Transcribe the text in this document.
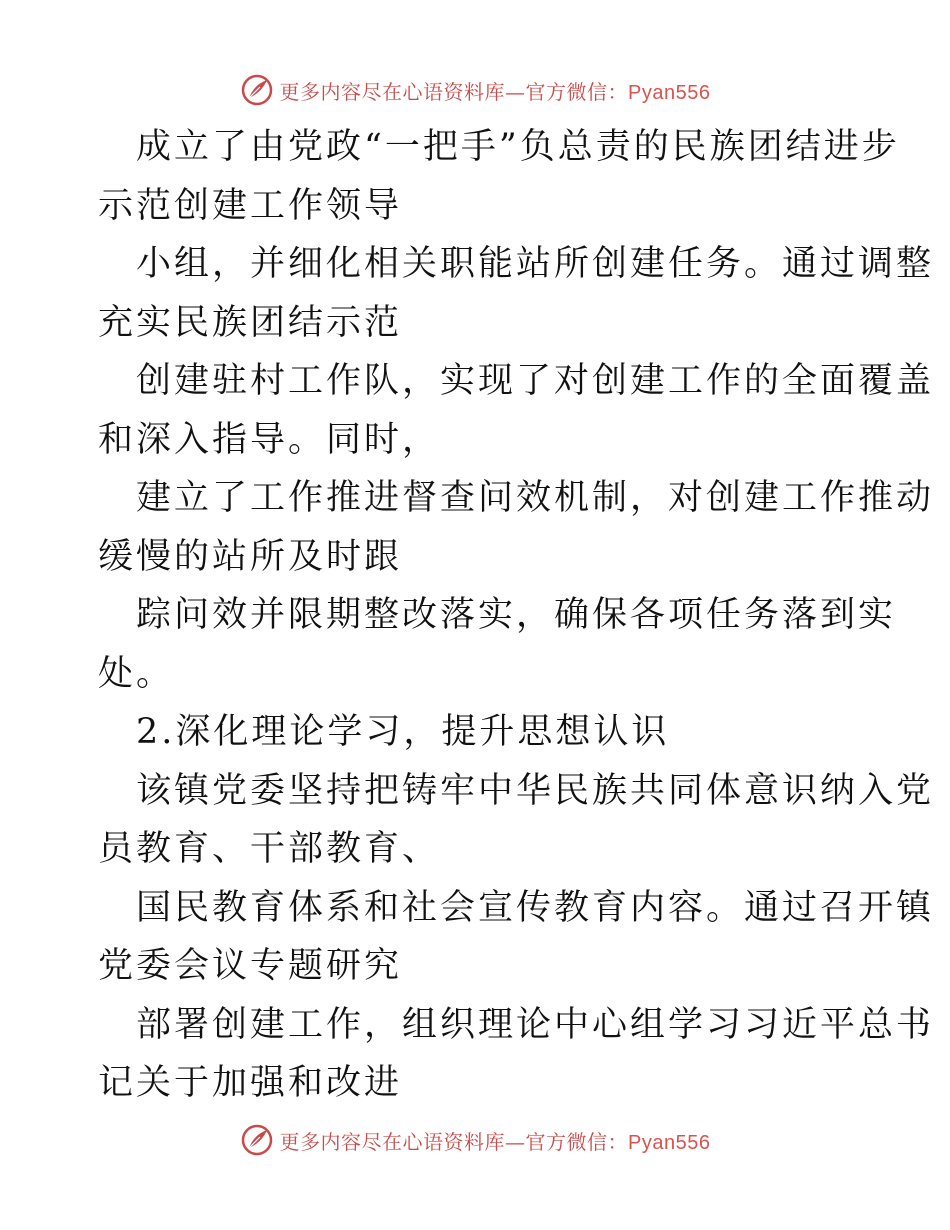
更多内容尽在心语资料库—官方微信：Pyan556
成立了由党政“一把手”负总责的民族团结进步
示范创建工作领导
小组，并细化相关职能站所创建任务。通过调整
充实民族团结示范
创建驻村工作队，实现了对创建工作的全面覆盖
和深入指导。同时，
建立了工作推进督查问效机制，对创建工作推动
缓慢的站所及时跟
踪问效并限期整改落实，确保各项任务落到实
处。
2.深化理论学习，提升思想认识
该镇党委坚持把铸牢中华民族共同体意识纳入党
员教育、干部教育、
国民教育体系和社会宣传教育内容。通过召开镇
党委会议专题研究
部署创建工作，组织理论中心组学习习近平总书
记关于加强和改进
更多内容尽在心语资料库—官方微信：Pyan556
